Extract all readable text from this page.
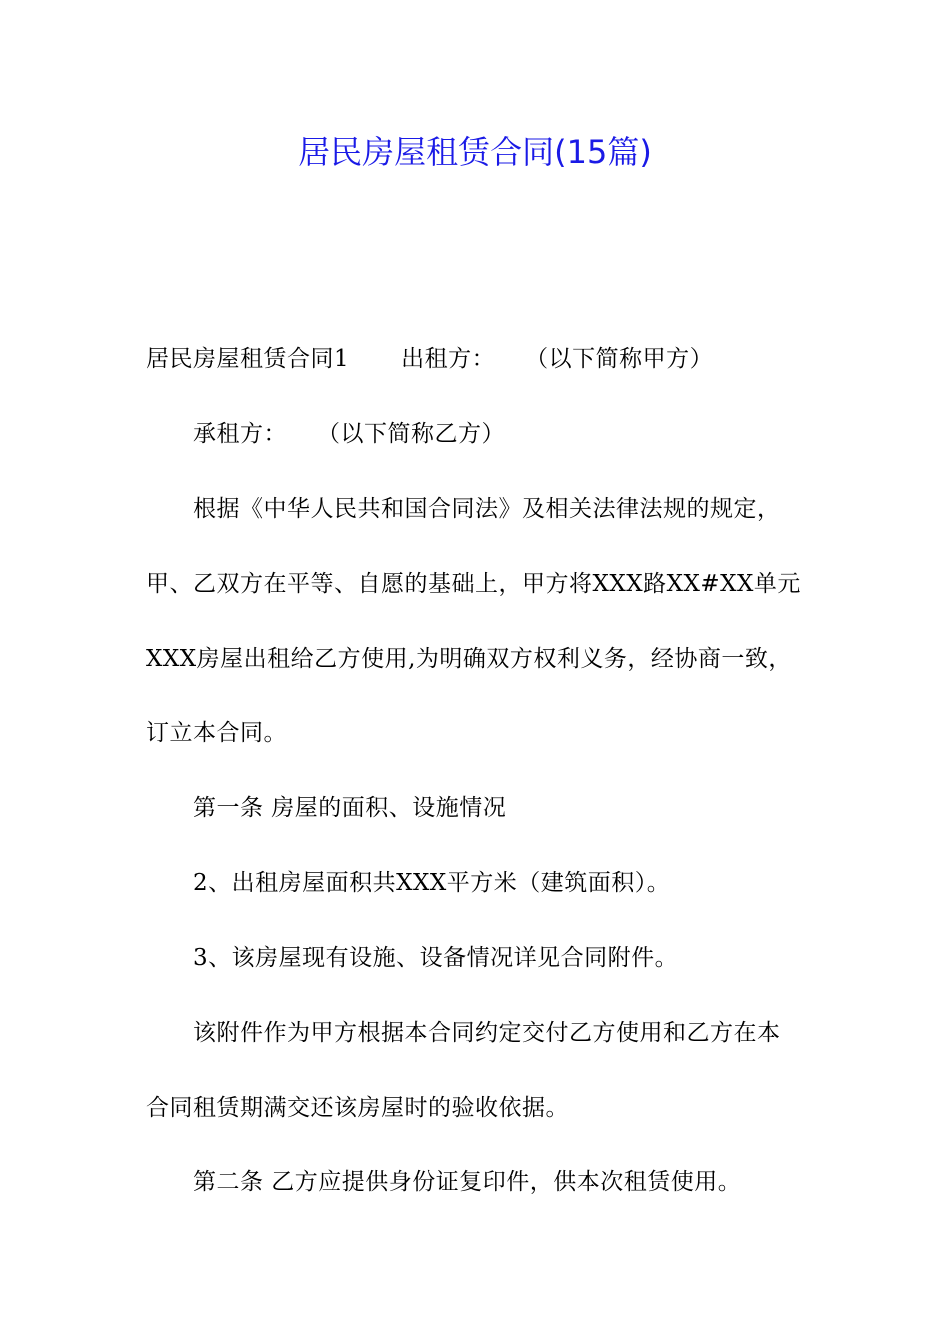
居民房屋租赁合同(15篇)
居民房屋租赁合同1 出租方： （以下简称甲方）
承租方： （以下简称乙方）
根据《中华人民共和国合同法》及相关法律法规的规定，
甲、乙双方在平等、自愿的基础上，甲方将XXX路XX#XX单元
XXX房屋出租给乙方使用,为明确双方权利义务，经协商一致，
订立本合同。
第一条 房屋的面积、设施情况
2、出租房屋面积共XXX平方米（建筑面积）。
3、该房屋现有设施、设备情况详见合同附件。
该附件作为甲方根据本合同约定交付乙方使用和乙方在本
合同租赁期满交还该房屋时的验收依据。
第二条 乙方应提供身份证复印件，供本次租赁使用。
